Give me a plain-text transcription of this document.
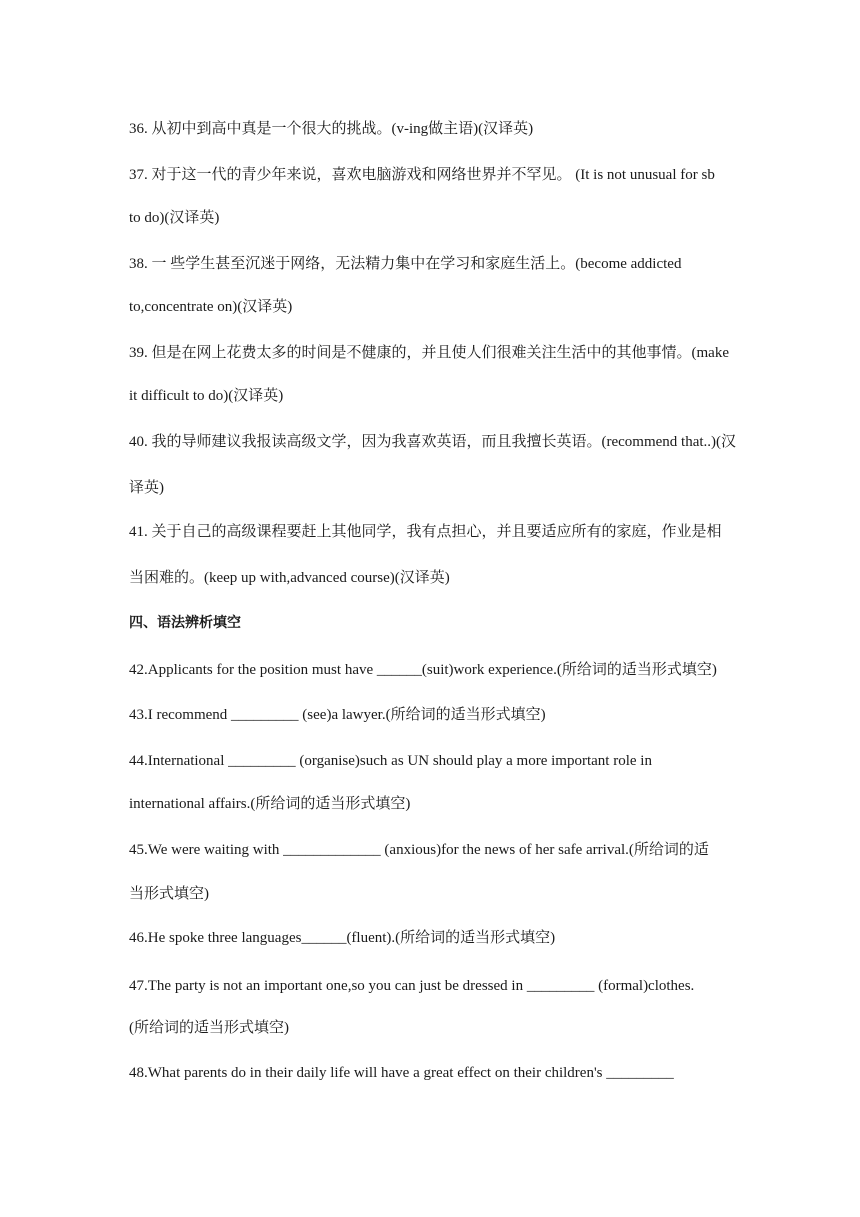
36. 从初中到高中真是一个很大的挑战。(v-ing做主语)(汉译英)
37. 对于这一代的青少年来说，喜欢电脑游戏和网络世界并不罕见。 (It is not unusual for sb
to do)(汉译英)
38. 一 些学生甚至沉迷于网络，无法精力集中在学习和家庭生活上。(become addicted
to,concentrate on)(汉译英)
39. 但是在网上花费太多的时间是不健康的，并且使人们很难关注生活中的其他事情。(make
it difficult to do)(汉译英)
40. 我的导师建议我报读高级文学，因为我喜欢英语，而且我擅长英语。(recommend that..)(汉
译英)
41. 关于自己的高级课程要赶上其他同学，我有点担心，并且要适应所有的家庭，作业是相
当困难的。(keep up with,advanced course)(汉译英)
四、语法辨析填空
42.Applicants for the position must have ______(suit)work experience.(所给词的适当形式填空)
43.I recommend _________ (see)a lawyer.(所给词的适当形式填空)
44.International _________ (organise)such as UN should play a more important role in
international affairs.(所给词的适当形式填空)
45.We were waiting with _____________ (anxious)for the news of her safe arrival.(所给词的适
当形式填空)
46.He spoke three languages______(fluent).(所给词的适当形式填空)
47.The party is not an important one,so you can just be dressed in _________ (formal)clothes.
(所给词的适当形式填空)
48.What parents do in their daily life will have a great effect on their children's _________
